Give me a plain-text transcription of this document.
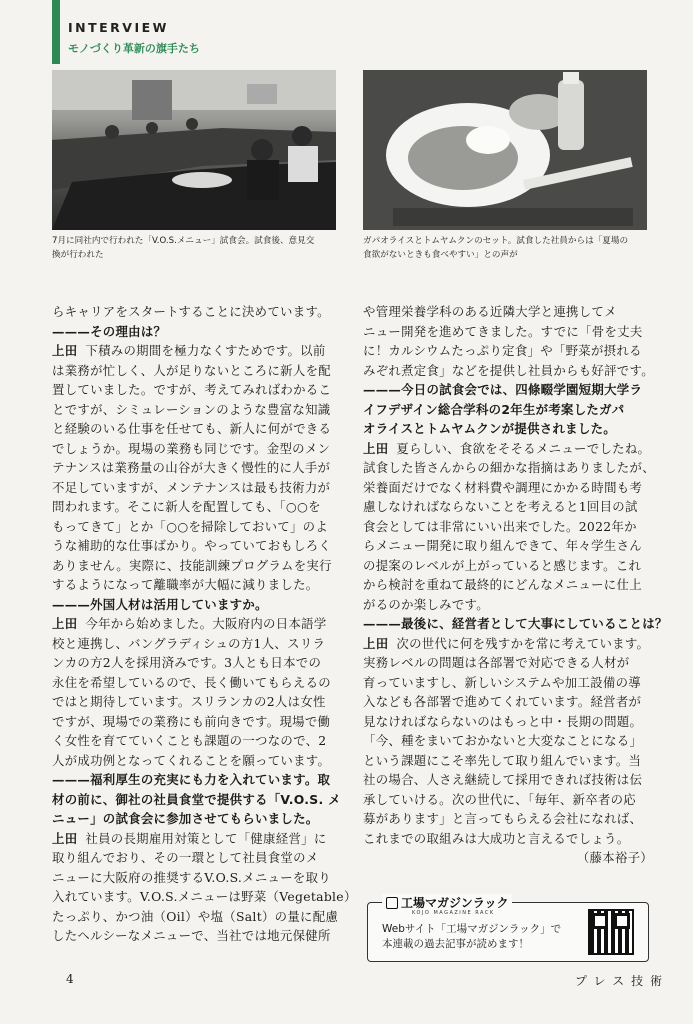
INTERVIEW
モノづくり革新の旗手たち
7月に同社内で行われた「V.O.S.メニュー」試食会。試食後、意見交
換が行われた
ガパオライスとトムヤムクンのセット。試食した社員からは「夏場の
食欲がないときも食べやすい」との声が

らキャリアをスタートすることに決めています。

———その理由は？

上田 下積みの期間を極力なくすためです。以前

は業務が忙しく、人が足りないところに新人を配

置していました。ですが、考えてみればわかるこ

とですが、シミュレーションのような豊富な知識

と経験のいる仕事を任せても、新人に何ができる

でしょうか。現場の業務も同じです。金型のメン

テナンスは業務量の山谷が大きく慢性的に人手が

不足していますが、メンテナンスは最も技術力が

問われます。そこに新人を配置しても、「○○を

もってきて」とか「○○を掃除しておいて」のよ

うな補助的な仕事ばかり。やっていておもしろく

ありません。実際に、技能訓練プログラムを実行

するようになって離職率が大幅に減りました。

———外国人材は活用していますか。

上田 今年から始めました。大阪府内の日本語学

校と連携し、バングラディシュの方1人、スリラ

ンカの方2人を採用済みです。3人とも日本での

永住を希望しているので、長く働いてもらえるの

ではと期待しています。スリランカの2人は女性

ですが、現場での業務にも前向きです。現場で働

く女性を育てていくことも課題の一つなので、2

人が成功例となってくれることを願っています。

———福利厚生の充実にも力を入れています。取

材の前に、御社の社員食堂で提供する「V.O.S. メ

ニュー」の試食会に参加させてもらいました。

上田 社員の長期雇用対策として「健康経営」に

取り組んでおり、その一環として社員食堂のメ

ニューに大阪府の推奨するV.O.S.メニューを取り

入れています。V.O.S.メニューは野菜（Vegetable）

たっぷり、かつ油（Oil）や塩（Salt）の量に配慮

したヘルシーなメニューで、当社では地元保健所

や管理栄養学科のある近隣大学と連携してメ

ニュー開発を進めてきました。すでに「骨を丈夫

に！カルシウムたっぷり定食」や「野菜が摂れる

みぞれ煮定食」などを提供し社員からも好評です。

———今日の試食会では、四條畷学園短期大学ラ

イフデザイン総合学科の2年生が考案したガパ

オライスとトムヤムクンが提供されました。

上田 夏らしい、食欲をそそるメニューでしたね。

試食した皆さんからの細かな指摘はありましたが、

栄養面だけでなく材料費や調理にかかる時間も考

慮しなければならないことを考えると1回目の試

食会としては非常にいい出来でした。2022年か

らメニュー開発に取り組んできて、年々学生さん

の提案のレベルが上がっていると感じます。これ

から検討を重ねて最終的にどんなメニューに仕上

がるのか楽しみです。

———最後に、経営者として大事にしていることは？

上田 次の世代に何を残すかを常に考えています。

実務レベルの問題は各部署で対応できる人材が

育っていますし、新しいシステムや加工設備の導

入なども各部署で進めてくれています。経営者が

見なければならないのはもっと中・長期の問題。

「今、種をまいておかないと大変なことになる」

という課題にこそ率先して取り組んでいます。当

社の場合、人さえ継続して採用できれば技術は伝

承していける。次の世代に、「毎年、新卒者の応

募があります」と言ってもらえる会社になれば、

これまでの取組みは大成功と言えるでしょう。

（藤本裕子）

工場マガジンラック
KOJO MAGAZINE RACK
Webサイト「工場マガジンラック」で
本連載の過去記事が読めます！
4	プレス技術
